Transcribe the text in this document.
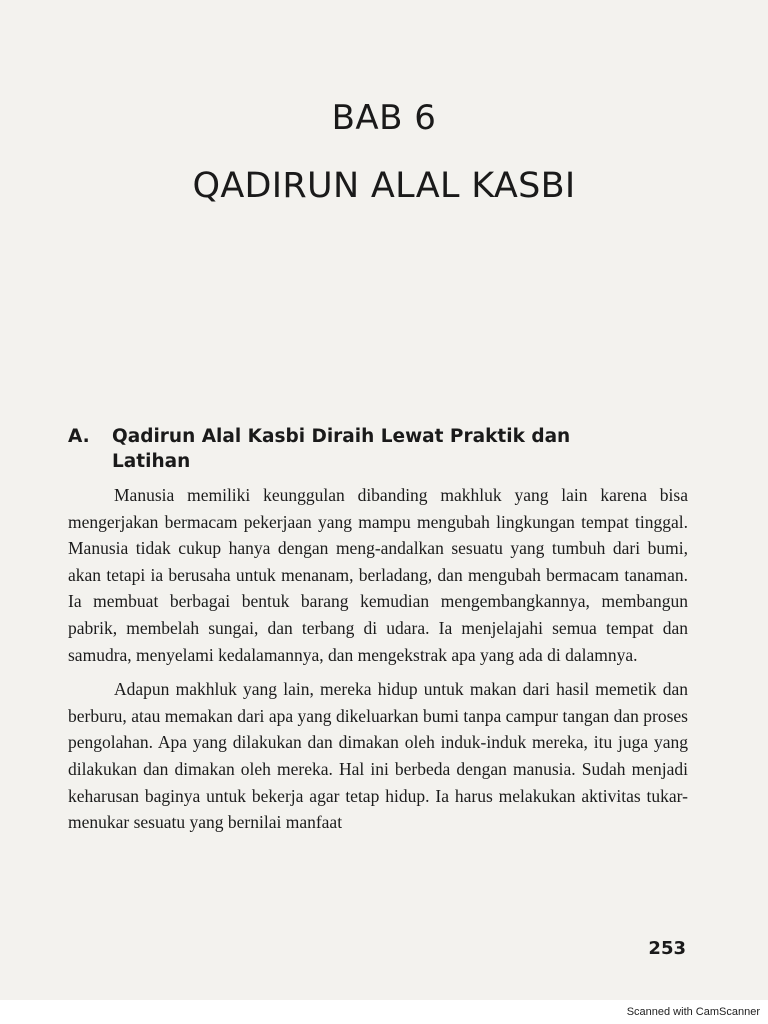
BAB 6
QADIRUN ALAL KASBI
A.	Qadirun Alal Kasbi Diraih Lewat Praktik dan Latihan

Manusia memiliki keunggulan dibanding makhluk yang lain karena bisa mengerjakan bermacam pekerjaan yang mampu mengubah lingkungan tempat tinggal. Manusia tidak cukup hanya dengan meng-andalkan sesuatu yang tumbuh dari bumi, akan tetapi ia berusaha untuk menanam, berladang, dan mengubah bermacam tanaman. Ia membuat berbagai bentuk barang kemudian mengembangkannya, membangun pabrik, membelah sungai, dan terbang di udara. Ia menjelajahi semua tempat dan samudra, menyelami kedalamannya, dan mengekstrak apa yang ada di dalamnya.

Adapun makhluk yang lain, mereka hidup untuk makan dari hasil memetik dan berburu, atau memakan dari apa yang dikeluarkan bumi tanpa campur tangan dan proses pengolahan. Apa yang dilakukan dan dimakan oleh induk-induk mereka, itu juga yang dilakukan dan dimakan oleh mereka. Hal ini berbeda dengan manusia. Sudah menjadi keharusan baginya untuk bekerja agar tetap hidup. Ia harus melakukan aktivitas tukar-menukar sesuatu yang bernilai manfaat

253
Scanned with CamScanner
